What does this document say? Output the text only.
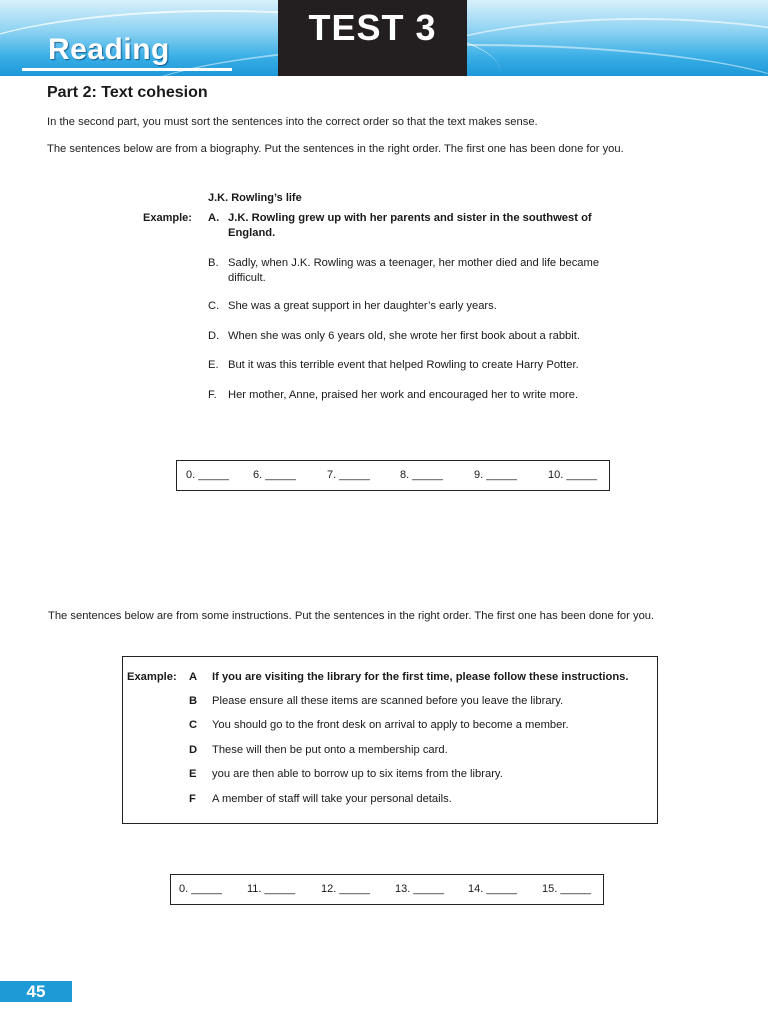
Reading
TEST 3
Part 2: Text cohesion
In the second part, you must sort the sentences into the correct order so that the text makes sense.
The sentences below are from a biography. Put the sentences in the right order. The first one has been done for you.
J.K. Rowling’s life
Example: A. J.K. Rowling grew up with her parents and sister in the southwest of England.
B. Sadly, when J.K. Rowling was a teenager, her mother died and life became difficult.
C. She was a great support in her daughter’s early years.
D. When she was only 6 years old, she wrote her first book about a rabbit.
E. But it was this terrible event that helped Rowling to create Harry Potter.
F. Her mother, Anne, praised her work and encouraged her to write more.
0. _____ 6. _____	7. _____	8. _____	9. _____	10. _____
The sentences below are from some instructions. Put the sentences in the right order. The first one has been done for you.
Example: A If you are visiting the library for the first time, please follow these instructions.
B Please ensure all these items are scanned before you leave the library.
C You should go to the front desk on arrival to apply to become a member.
D These will then be put onto a membership card.
E you are then able to borrow up to six items from the library.
F A member of staff will take your personal details.
0. _____ 11. _____ 12. _____ 13. _____ 14. _____ 15. _____
45
